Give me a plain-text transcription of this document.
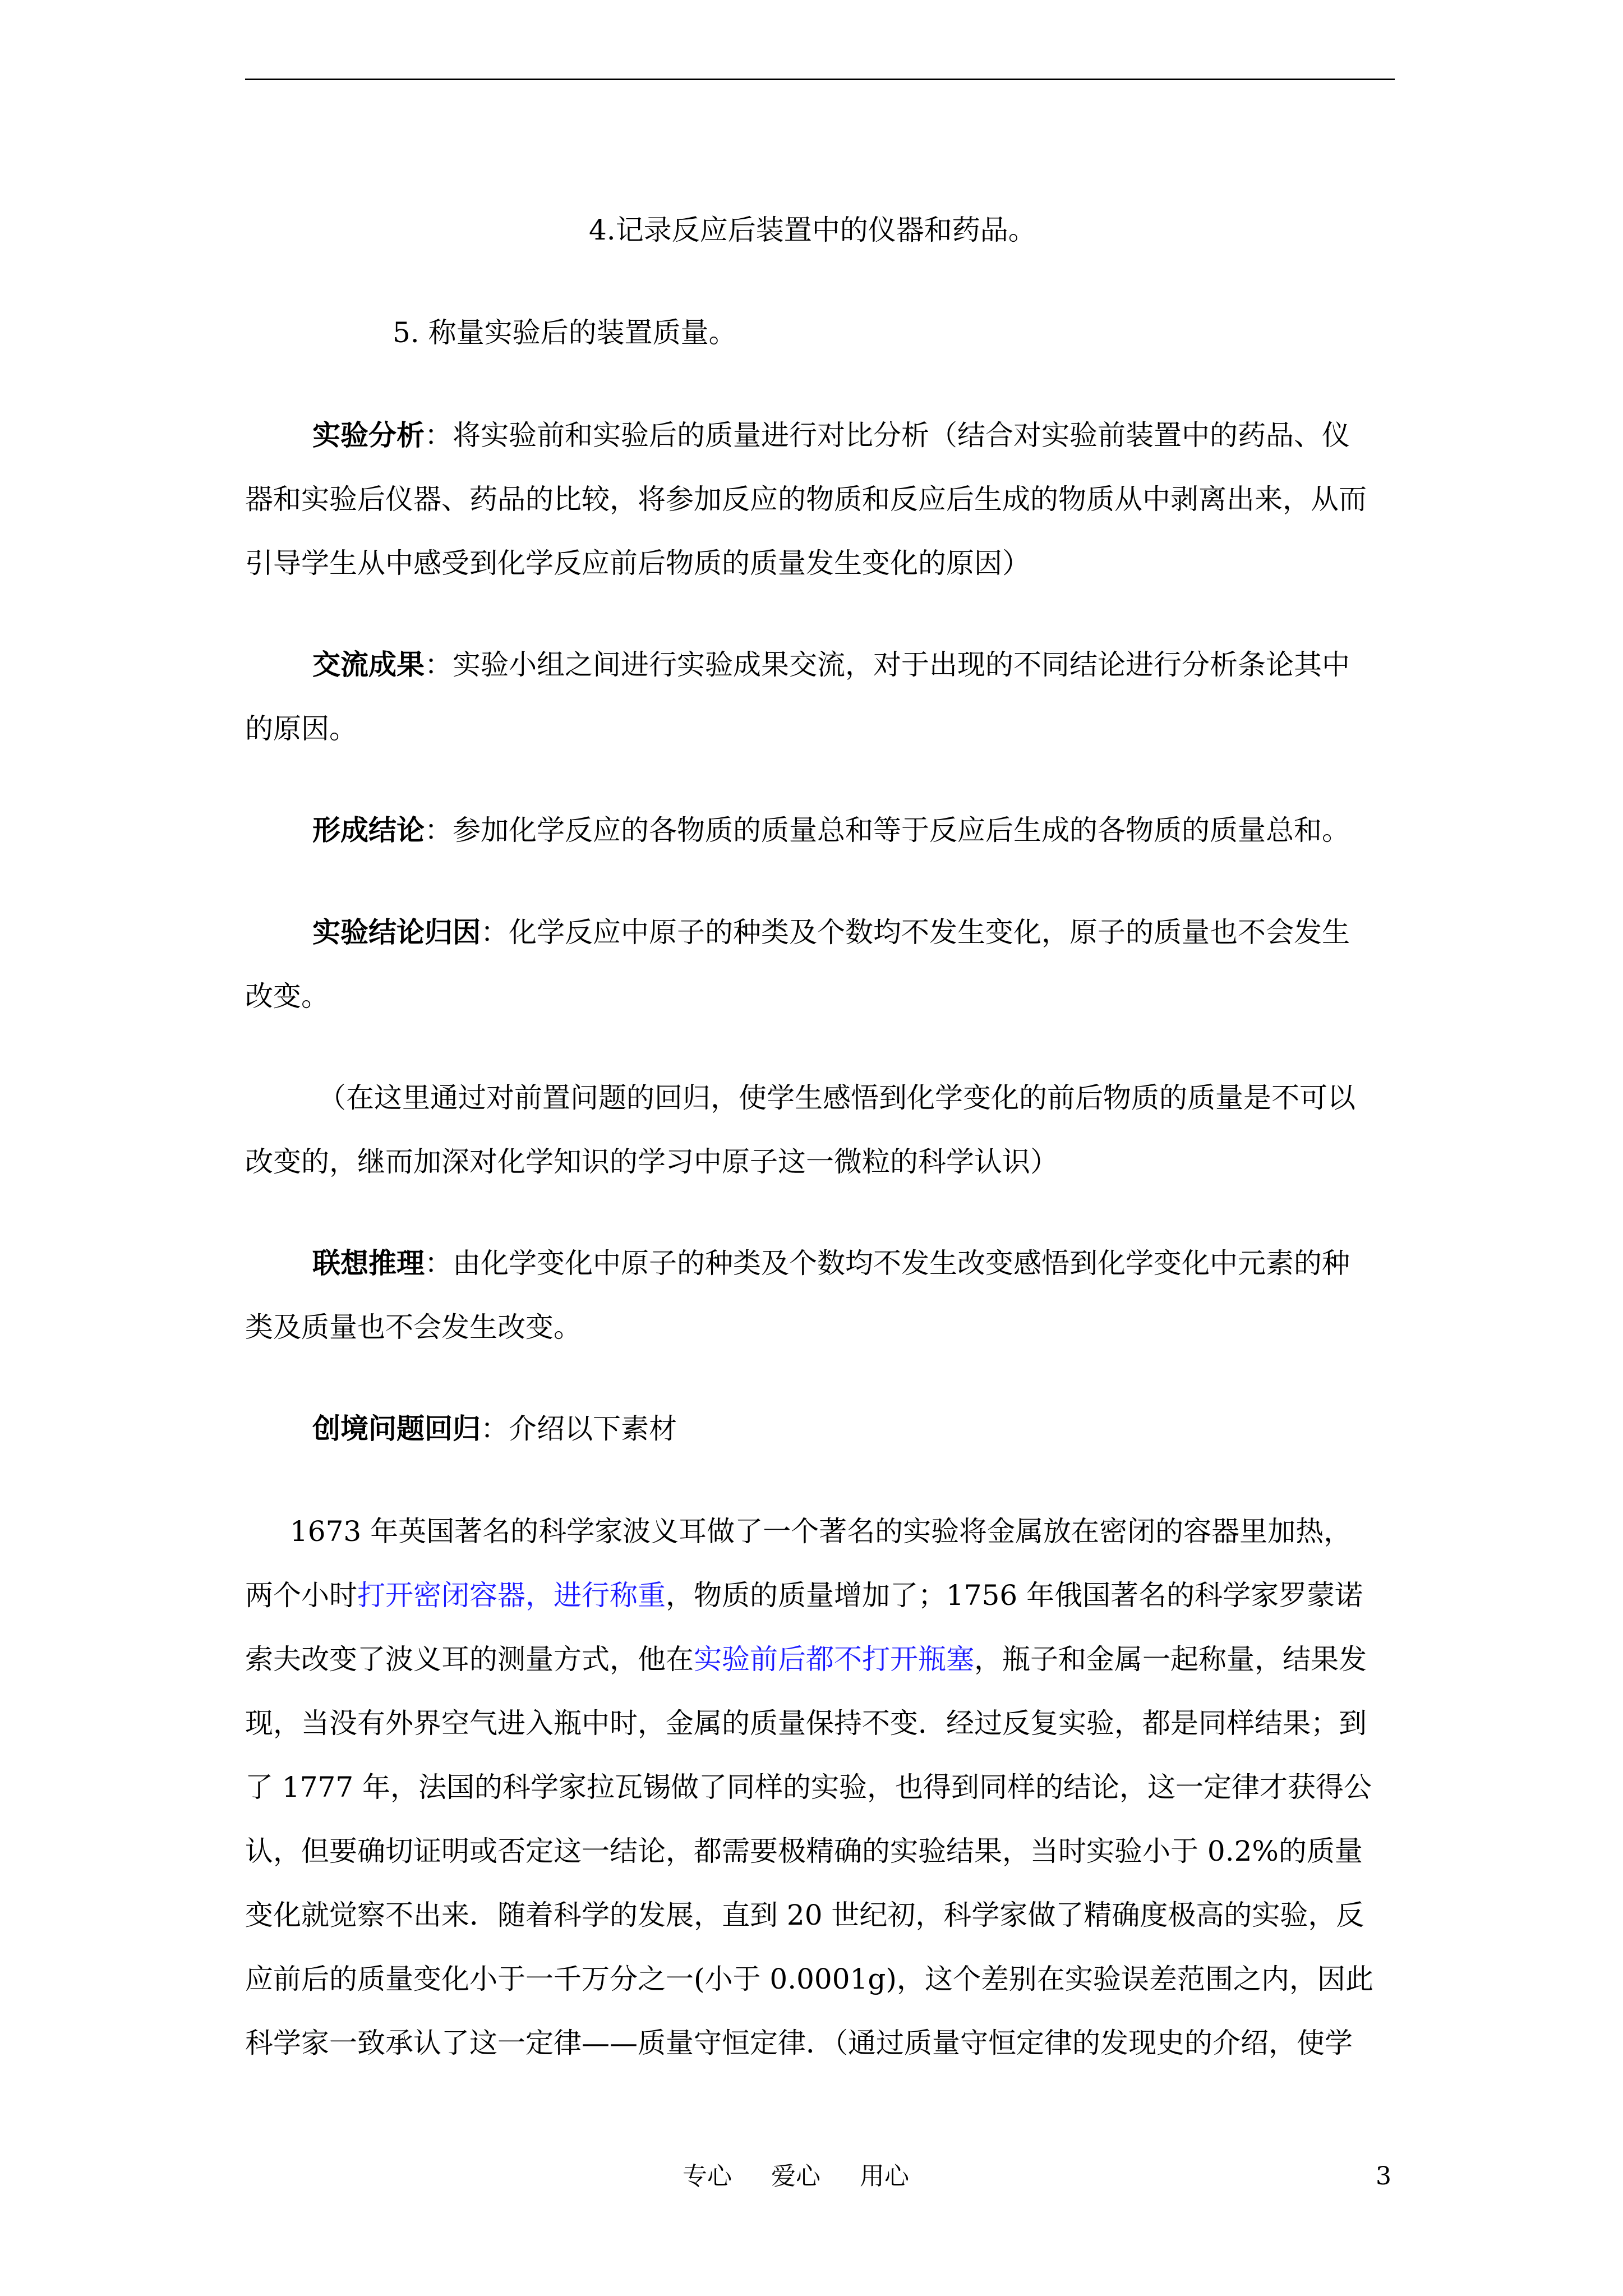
4.记录反应后装置中的仪器和药品。
5. 称量实验后的装置质量。
实验分析：将实验前和实验后的质量进行对比分析（结合对实验前装置中的药品、仪
器和实验后仪器、药品的比较，将参加反应的物质和反应后生成的物质从中剥离出来，从而
引导学生从中感受到化学反应前后物质的质量发生变化的原因）
交流成果：实验小组之间进行实验成果交流，对于出现的不同结论进行分析条论其中
的原因。
形成结论：参加化学反应的各物质的质量总和等于反应后生成的各物质的质量总和。
实验结论归因：化学反应中原子的种类及个数均不发生变化，原子的质量也不会发生
改变。
（在这里通过对前置问题的回归，使学生感悟到化学变化的前后物质的质量是不可以
改变的，继而加深对化学知识的学习中原子这一微粒的科学认识）
联想推理：由化学变化中原子的种类及个数均不发生改变感悟到化学变化中元素的种
类及质量也不会发生改变。
创境问题回归：介绍以下素材
1673 年英国著名的科学家波义耳做了一个著名的实验将金属放在密闭的容器里加热，
两个小时打开密闭容器，进行称重，物质的质量增加了；1756 年俄国著名的科学家罗蒙诺
索夫改变了波义耳的测量方式，他在实验前后都不打开瓶塞，瓶子和金属一起称量，结果发
现，当没有外界空气进入瓶中时，金属的质量保持不变．经过反复实验，都是同样结果；到
了 1777 年，法国的科学家拉瓦锡做了同样的实验，也得到同样的结论，这一定律才获得公
认，但要确切证明或否定这一结论，都需要极精确的实验结果，当时实验小于 0.2%的质量
变化就觉察不出来．随着科学的发展，直到 20 世纪初，科学家做了精确度极高的实验，反
应前后的质量变化小于一千万分之一(小于 0.0001g)，这个差别在实验误差范围之内，因此
科学家一致承认了这一定律——质量守恒定律．（通过质量守恒定律的发现史的介绍，使学
专心 爱心 用心	3
